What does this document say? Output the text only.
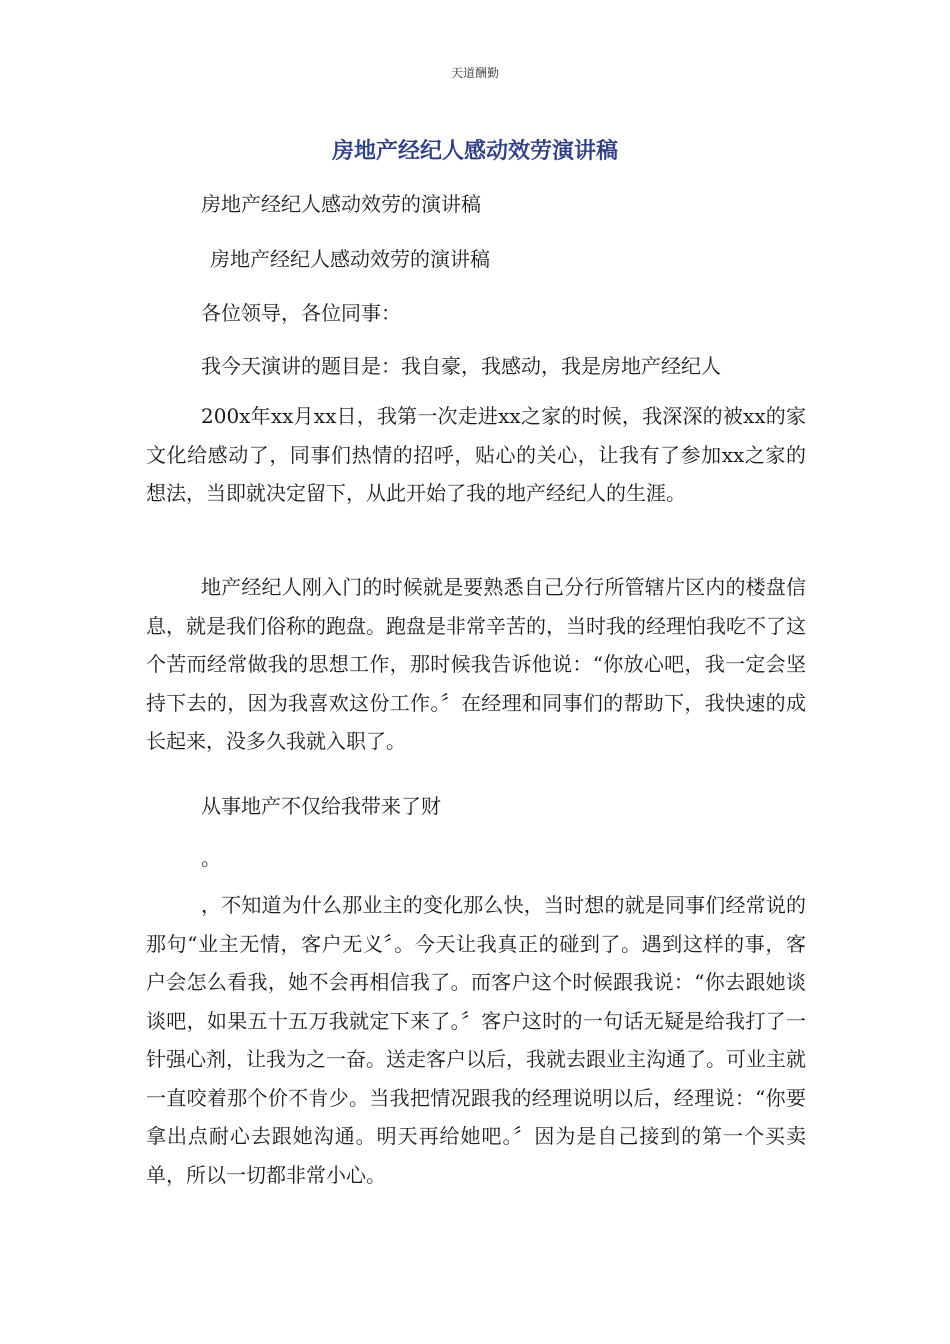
天道酬勤
房地产经纪人感动效劳演讲稿
房地产经纪人感动效劳的演讲稿
房地产经纪人感动效劳的演讲稿
各位领导，各位同事：
我今天演讲的题目是：我自豪，我感动，我是房地产经纪人
200x年xx月xx日，我第一次走进xx之家的时候，我深深的被xx的家文化给感动了，同事们热情的招呼，贴心的关心，让我有了参加xx之家的想法，当即就决定留下，从此开始了我的地产经纪人的生涯。
地产经纪人刚入门的时候就是要熟悉自己分行所管辖片区内的楼盘信息，就是我们俗称的跑盘。跑盘是非常辛苦的，当时我的经理怕我吃不了这个苦而经常做我的思想工作，那时候我告诉他说：“你放心吧，我一定会坚持下去的，因为我喜欢这份工作。〞在经理和同事们的帮助下，我快速的成长起来，没多久我就入职了。
从事地产不仅给我带来了财
。
，不知道为什么那业主的变化那么快，当时想的就是同事们经常说的那句“业主无情，客户无义〞。今天让我真正的碰到了。遇到这样的事，客户会怎么看我，她不会再相信我了。而客户这个时候跟我说：“你去跟她谈谈吧，如果五十五万我就定下来了。〞客户这时的一句话无疑是给我打了一针强心剂，让我为之一奋。送走客户以后，我就去跟业主沟通了。可业主就一直咬着那个价不肯少。当我把情况跟我的经理说明以后，经理说：“你要拿出点耐心去跟她沟通。明天再给她吧。〞因为是自己接到的第一个买卖单，所以一切都非常小心。
